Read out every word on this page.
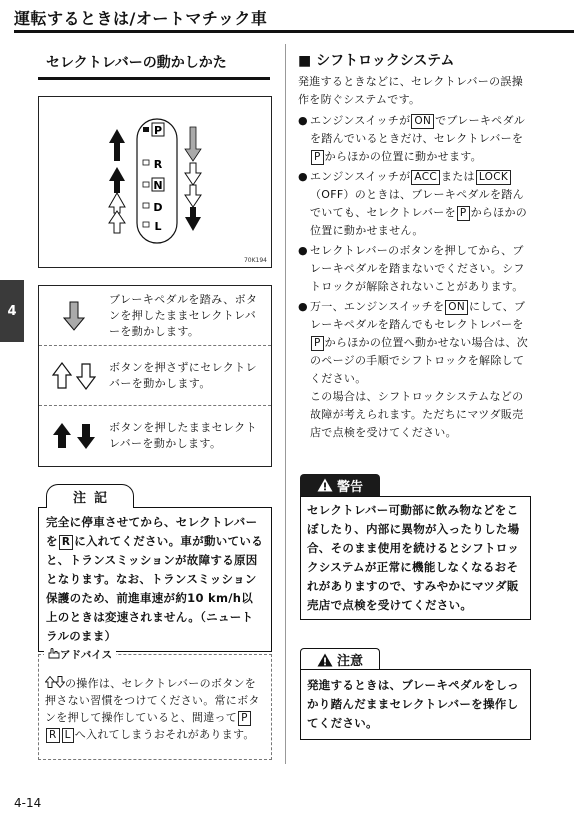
運転するときは/オートマチック車
4
セレクトレバーの動かしかた
P
R
N
D
L
70K194
ブレーキペダルを踏み、ボタンを押したままセレクトレバーを動かします。
ボタンを押さずにセレクトレバーを動かします。
ボタンを押したままセレクトレバーを動かします。
完全に停車させてから、セレクトレバーを R に入れてください。車が動いていると、トランスミッションが故障する原因となります。なお、トランスミッション保護のため、前進車速が約10 km/h以上のときは変速されません。（ニュートラルのまま）
注記
の操作は、セレクトレバーのボタンを押さない習慣をつけてください。常にボタンを押して操作していると、間違って PR L へ入れてしまうおそれがあります。
アドバイス
■ シフトロックシステム
発進するときなどに、セレクトレバーの誤操作を防ぐシステムです。
● エンジンスイッチが ON でブレーキペダルを踏んでいるときだけ、セレクトレバーをP からほかの位置に動かせます。
● エンジンスイッチが ACC または LOCK（OFF）のときは、ブレーキペダルを踏んでいても、セレクトレバーを P からほかの位置に動かせません。
● セレクトレバーのボタンを押してから、ブレーキペダルを踏まないでください。シフトロックが解除されないことがあります。
● 万一、エンジンスイッチを ON にして、ブレーキペダルを踏んでもセレクトレバーをP からほかの位置へ動かせない場合は、次のページの手順でシフトロックを解除してください。
この場合は、シフトロックシステムなどの故障が考えられます。ただちにマツダ販売店で点検を受けてください。
警告
セレクトレバー可動部に飲み物などをこぼしたり、内部に異物が入ったりした場合、そのまま使用を続けるとシフトロックシステムが正常に機能しなくなるおそれがありますので、すみやかにマツダ販売店で点検を受けてください。
注意
発進するときは、ブレーキペダルをしっかり踏んだままセレクトレバーを操作してください。
4-14
